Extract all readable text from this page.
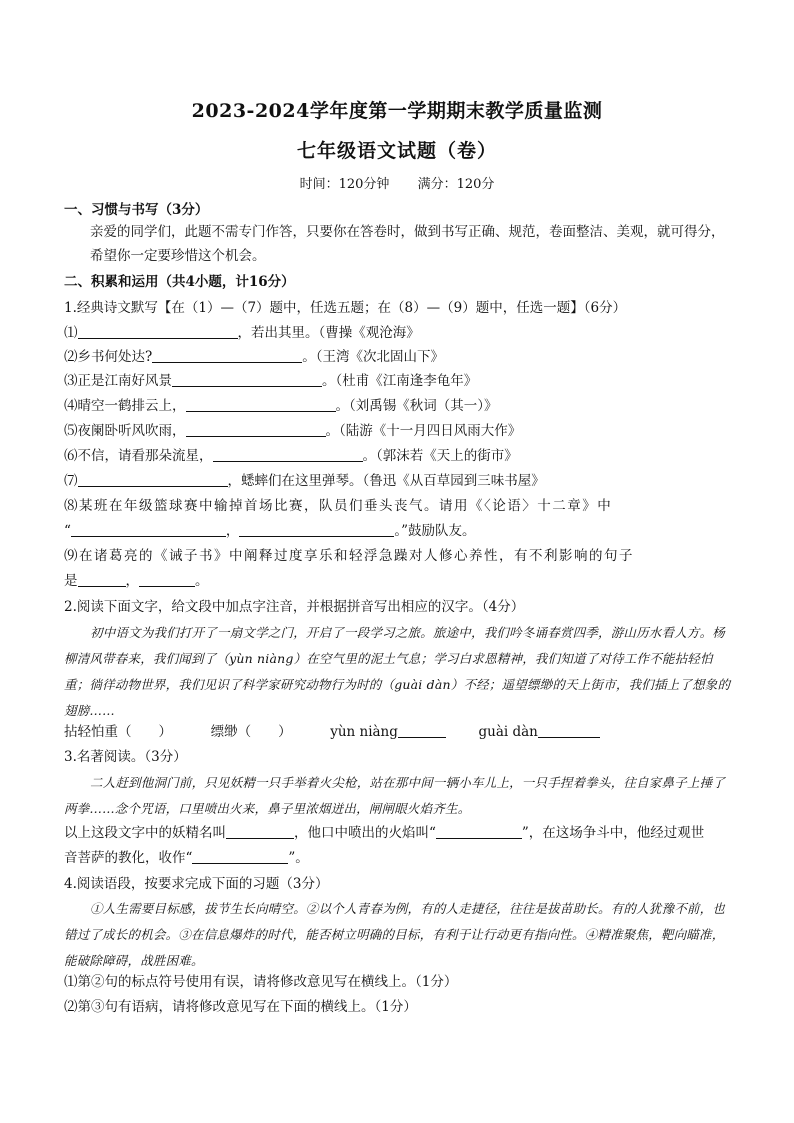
2023-2024学年度第一学期期末教学质量监测
七年级语文试题（卷）
时间：120分钟 满分：120分
一、习惯与书写（3分）
亲爱的同学们，此题不需专门作答，只要你在答卷时，做到书写正确、规范，卷面整洁、美观，就可得分，希望你一定要珍惜这个机会。
二、积累和运用（共4小题，计16分）
1.经典诗文默写【在（1）—（7）题中，任选五题；在（8）—（9）题中，任选一题】（6分）
⑴	，若出其里。（曹操《观沧海》
⑵乡书何处达?	。（王湾《次北固山下》
⑶正是江南好风景	。（杜甫《江南逢李龟年》
⑷晴空一鹤排云上，	。（刘禹锡《秋词（其一）》
⑸夜阑卧听风吹雨，	。（陆游《十一月四日风雨大作》
⑹不信，请看那朵流星，	。（郭沫若《天上的街市》
⑺	，蟋蟀们在这里弹琴。（鲁迅《从百草园到三味书屋》
⑻某班在年级篮球赛中输掉首场比赛，队员们垂头丧气。请用《〈论语〉十二章》中
“	，	。”鼓励队友。
⑼在诸葛亮的《诫子书》中阐释过度享乐和轻浮急躁对人修心养性，有不利影响的句子
是	，	。
2.阅读下面文字，给文段中加点字注音，并根据拼音写出相应的汉字。（4分）
初中语文为我们打开了一扇文学之门，开启了一段学习之旅。旅途中，我们吟冬诵春赏四季，游山历水看人方。杨柳清风带春来，我们闻到了（yùn niàng）在空气里的泥土气息；学习白求恩精神，我们知道了对待工作不能拈轻怕重；徜徉动物世界，我们见识了科学家研究动物行为时的（guài dàn）不经；遥望缥缈的天上街市，我们插上了想象的翅膀……
拈轻怕重（　　）	缥缈（　　）	yùn niàng	guài dàn
3.名著阅读。（3分）
二人赶到他洞门前，只见妖精一只手举着火尖枪，站在那中间一辆小车儿上，一只手捏着拳头，往自家鼻子上捶了两拳……念个咒语，口里喷出火来，鼻子里浓烟迸出，闸闸眼火焰齐生。
以上这段文字中的妖精名叫	，他口中喷出的火焰叫“	”，在这场争斗中，他经过观世
音菩萨的教化，收作“	”。
4.阅读语段，按要求完成下面的习题（3分）
①人生需要目标感，拔节生长向晴空。②以个人青春为例，有的人走捷径，往往是拔苗助长。有的人犹豫不前，也错过了成长的机会。③在信息爆炸的时代，能否树立明确的目标，有利于让行动更有指向性。④精准聚焦，靶向瞄准，能破除障碍，战胜困难。
⑴第②句的标点符号使用有误，请将修改意见写在横线上。（1分）
⑵第③句有语病，请将修改意见写在下面的横线上。（1分）
